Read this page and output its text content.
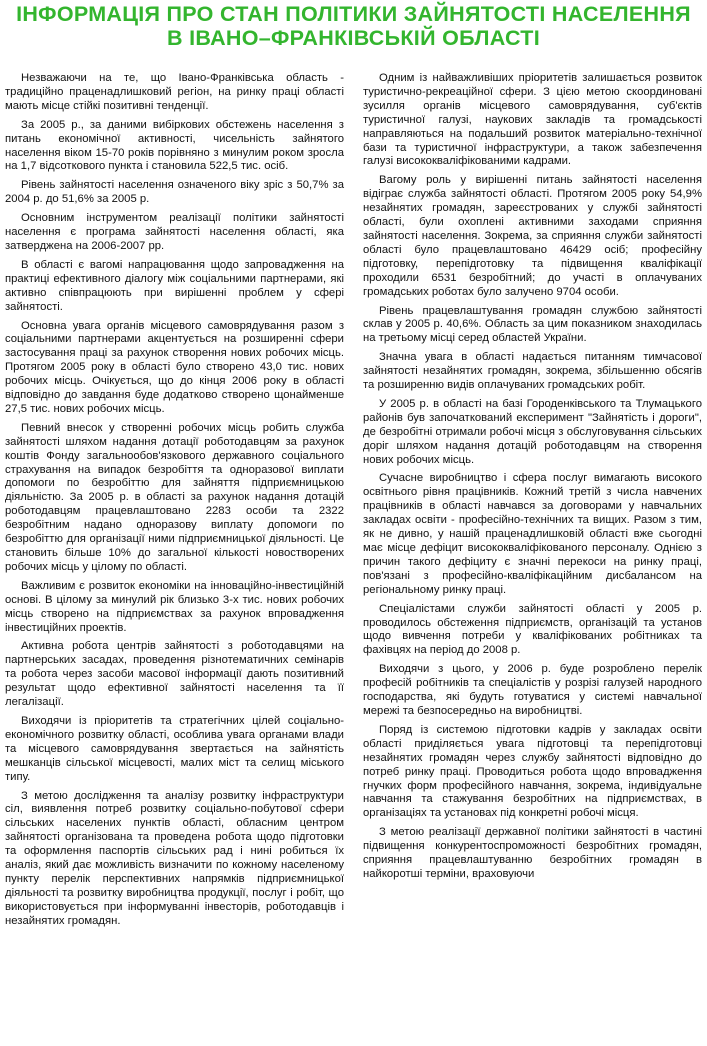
ІНФОРМАЦІЯ ПРО СТАН ПОЛІТИКИ ЗАЙНЯТОСТІ НАСЕЛЕННЯ
В ІВАНО–ФРАНКІВСЬКІЙ ОБЛАСТІ

Незважаючи на те, що Івано-Франківська область - традиційно праценадлишковий регіон, на ринку праці області мають місце стійкі позитивні тенденції.

За 2005 р., за даними вибіркових обстежень населення з питань економічної активності, чисельність зайнятого населення віком 15-70 років порівняно з минулим роком зросла на 1,7 відсоткового пункта і становила 522,5 тис. осіб.

Рівень зайнятості населення означеного віку зріс з 50,7% за 2004 р. до 51,6% за 2005 р.

Основним інструментом реалізації політики зайнятості населення є програма зайнятості населення області, яка затверджена на 2006-2007 рр.

В області є вагомі напрацювання щодо запровадження на практиці ефективного діалогу між соціальними партнерами, які активно співпрацюють при вирішенні проблем у сфері зайнятості.

Основна увага органів місцевого самоврядування разом з соціальними партнерами акцентується на розширенні сфери застосування праці за рахунок створення нових робочих місць. Протягом 2005 року в області було створено 43,0 тис. нових робочих місць. Очікується, що до кінця 2006 року в області відповідно до завдання буде додатково створено щонайменше 27,5 тис. нових робочих місць.

Певний внесок у створенні робочих місць робить служба зайнятості шляхом надання дотації роботодавцям за рахунок коштів Фонду загальнообов'язкового державного соціального страхування на випадок безробіття та одноразової виплати допомоги по безробіттю для зайняття підприємницькою діяльністю. За 2005 р. в області за рахунок надання дотацій роботодавцям працевлаштовано 2283 особи та 2322 безробітним надано одноразову виплату допомоги по безробіттю для організації ними підприємницької діяльності. Це становить більше 10% до загальної кількості новостворених робочих місць у цілому по області.

Важливим є розвиток економіки на інноваційно-інвестиційній основі. В цілому за минулий рік близько 3-х тис. нових робочих місць створено на підприємствах за рахунок впровадження інвестиційних проектів.

Активна робота центрів зайнятості з роботодавцями на партнерських засадах, проведення різнотематичних семінарів та робота через засоби масової інформації дають позитивний результат щодо ефективної зайнятості населення та її легалізації.

Виходячи із пріоритетів та стратегічних цілей соціально-економічного розвитку області, особлива увага органами влади та місцевого самоврядування звертається на зайнятість мешканців сільської місцевості, малих міст та селищ міського типу.

З метою дослідження та аналізу розвитку інфраструктури сіл, виявлення потреб розвитку соціально-побутової сфери сільських населених пунктів області, обласним центром зайнятості організована та проведена робота щодо підготовки та оформлення паспортів сільських рад і нині робиться їх аналіз, який дає можливість визначити по кожному населеному пункту перелік перспективних напрямків підприємницької діяльності та розвитку виробництва продукції, послуг і робіт, що використовується при інформуванні інвесторів, роботодавців і незайнятих громадян.

Одним із найважливіших пріоритетів залишається розвиток туристично-рекреаційної сфери. З цією метою скоординовані зусилля органів місцевого самоврядування, суб'єктів туристичної галузі, наукових закладів та громадськості направляються на подальший розвиток матеріально-технічної бази та туристичної інфраструктури, а також забезпечення галузі висококваліфікованими кадрами.

Вагому роль у вирішенні питань зайнятості населення відіграє служба зайнятості області. Протягом 2005 року 54,9% незайнятих громадян, зареєстрованих у службі зайнятості області, були охоплені активними заходами сприяння зайнятості населення. Зокрема, за сприяння служби зайнятості області було працевлаштовано 46429 осіб; професійну підготовку, перепідготовку та підвищення кваліфікації проходили 6531 безробітний; до участі в оплачуваних громадських роботах було залучено 9704 особи.

Рівень працевлаштування громадян службою зайнятості склав у 2005 р. 40,6%. Область за цим показником знаходилась на третьому місці серед областей України.

Значна увага в області надається питанням тимчасової зайнятості незайнятих громадян, зокрема, збільшенню обсягів та розширенню видів оплачуваних громадських робіт.

У 2005 р. в області на базі Городенківського та Тлумацького районів був започаткований експеримент "Зайнятість і дороги", де безробітні отримали робочі місця з обслуговування сільських доріг шляхом надання дотацій роботодавцям на створення нових робочих місць.

Сучасне виробництво і сфера послуг вимагають високого освітнього рівня працівників. Кожний третій з числа навчених працівників в області навчався за договорами у навчальних закладах освіти - професійно-технічних та вищих. Разом з тим, як не дивно, у нашій праценадлишковій області вже сьогодні має місце дефіцит висококваліфікованого персоналу. Однією з причин такого дефіциту є значні перекоси на ринку праці, пов'язані з професійно-кваліфікаційним дисбалансом на регіональному ринку праці.

Спеціалістами служби зайнятості області у 2005 р. проводилось обстеження підприємств, організацій та установ щодо вивчення потреби у кваліфікованих робітниках та фахівцях на період до 2008 р.

Виходячи з цього, у 2006 р. буде розроблено перелік професій робітників та спеціалістів у розрізі галузей народного господарства, які будуть готуватися у системі навчальної мережі та безпосередньо на виробництві.

Поряд із системою підготовки кадрів у закладах освіти області приділяється увага підготовці та перепідготовці незайнятих громадян через службу зайнятості відповідно до потреб ринку праці. Проводиться робота щодо впровадження гнучких форм професійного навчання, зокрема, індивідуальне навчання та стажування безробітних на підприємствах, в організаціях та установах під конкретні робочі місця.

З метою реалізації державної політики зайнятості в частині підвищення конкурентоспроможності безробітних громадян, сприяння працевлаштуванню безробітних громадян в найкоротші терміни, враховуючи
